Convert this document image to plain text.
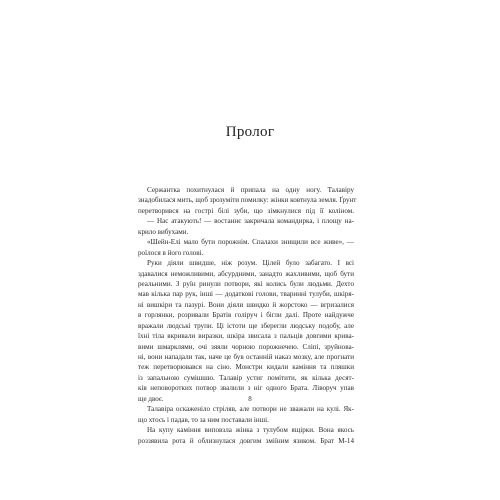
Пролог
Сержантка похитнулася й припала на одну ногу. Талавіру
знадобилася мить, щоб зрозуміти помилку: жінки ковтнула земля. Ґрунт
перетворився на гострі білі зуби, що зімкнулися під її коліном.
— Нас атакують! — востаннє закричала командирка, і площу на-
крило вибухами.
«Шейн-Елі мало бути порожнім. Спалахи знищили все живе», —
роїлося в його голові.
Руки діяли швидше, ніж розум. Цілей було забагато. І всі
здавалися неможливими, абсурдними, занадто жахливими, щоб бути
реальними. З руїн ринули потвори, які колись були людьми. Дехто
мав кілька пар рук, інші — додаткові голови, тваринні тулуби, шкіря-
ні вишкіри та пазурі. Вони діяли швидко й жорстоко — вгризалися
в горлянки, розривали Братів голіруч і бігли далі. Проте найдужче
вражали людські трупи. Ці істоти ще зберегли людську подобу, але
їхні тіла вкривали виразки, шкіра звисала з пальців довгими крива-
вими шмарклями, очі зяяли чорною порожнечею. Сліпі, зруйнова-
ні, вони нападали так, наче це був останній наказ мозку, але прогнати
теж перетворювався на сіно. Монстри кидали каміння та пляшки
із запальною сумішшю. Талавір устиг помітити, як кілька десят-
ків неповоротких потвор звалили з ніг одного Брата. Ліворуч упав
ще двоє.
Талавіра оскаженіло стріляв, але потвори не зважали на кулі. Як-
що хтось і падав, то за ним поставали інші.
На купу каміння виповзла жінка з тулубом ящірки. Вона якось
роззявила рота й облизнулася довгим зміїним язиком. Брат М-14
8
